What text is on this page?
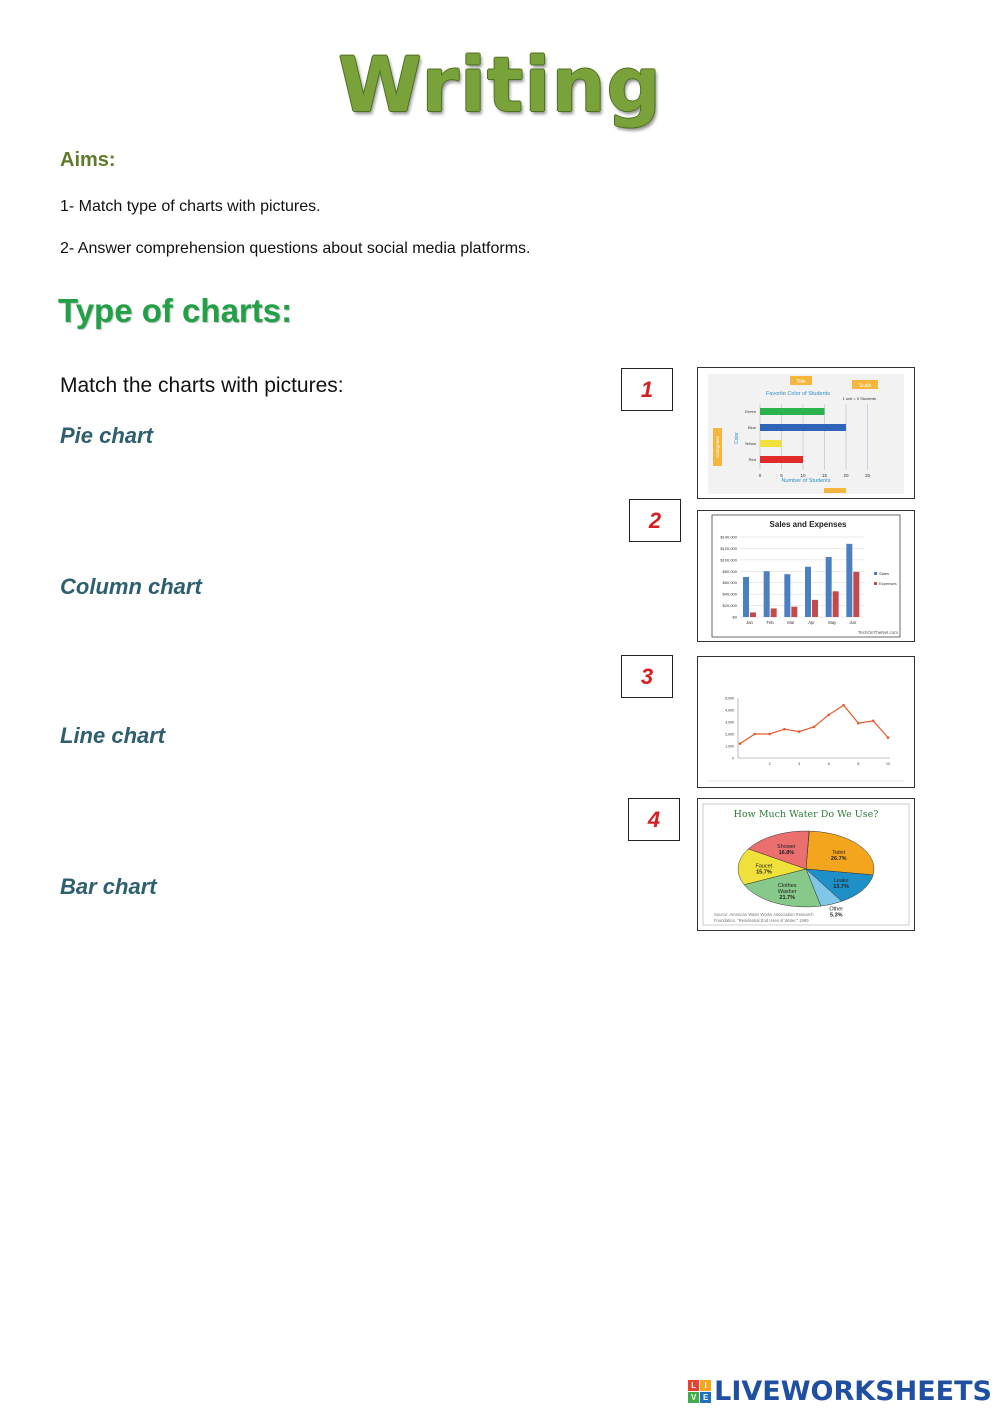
Writing
Aims:
1- Match type of charts with pictures.
2- Answer comprehension questions about social media platforms.
Type of charts:
Match the charts with pictures:
Pie chart
Column chart
Line chart
Bar chart
1
2
3
4
Title
Scale
Favorite Color of Students
1 unit = 5 Students
Categories	Color
Green
Blue
Yellow
Red
0	5	10	15	20	25
Number of Students
Sales and Expenses
$0
$20,000
$40,000
$60,000
$80,000
$100,000
$120,000
$140,000
Jan	Feb	Mar	Apr	May	Jun
Sales
Expenses
TechOnTheNet.com
0
1,000
2,000
3,000
4,000
5,000
2	4	6	8	10
How Much Water Do We Use?
Toilet
26.7%
Leaks
13.7%
Other
5.3%
Clothes
Washer
21.7%
Faucet
15.7%
Shower
16.8%
Source: American Water Works Association Research
Foundation, "Residential End Uses of Water," 1999
L	I
V E LIVEWORKSHEETS
